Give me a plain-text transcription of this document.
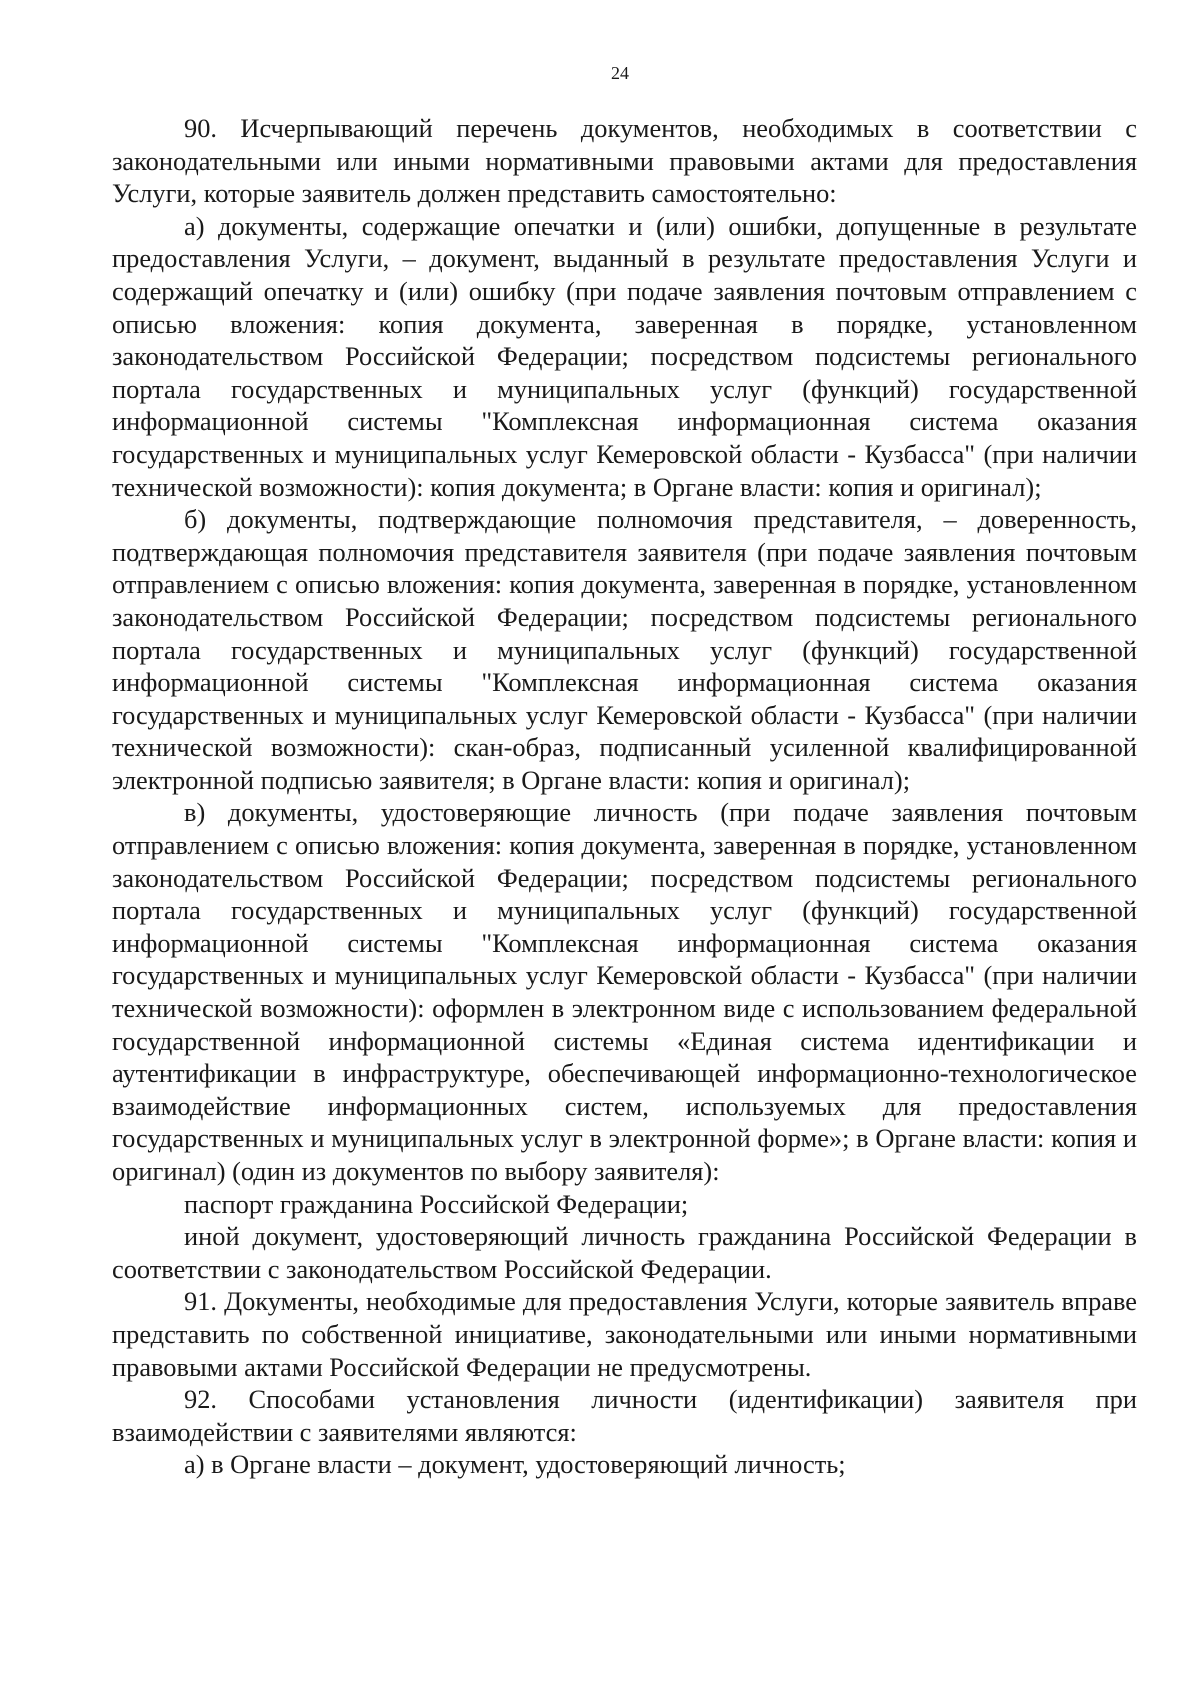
24

90. Исчерпывающий перечень документов, необходимых в соответствии с законодательными или иными нормативными правовыми актами для предоставления Услуги, которые заявитель должен представить самостоятельно:

а) документы, содержащие опечатки и (или) ошибки, допущенные в результате предоставления Услуги, – документ, выданный в результате предоставления Услуги и содержащий опечатку и (или) ошибку (при подаче заявления почтовым отправлением с описью вложения: копия документа, заверенная в порядке, установленном законодательством Российской Федерации; посредством подсистемы регионального портала государственных и муниципальных услуг (функций) государственной информационной системы "Комплексная информационная система оказания государственных и муниципальных услуг Кемеровской области - Кузбасса" (при наличии технической возможности): копия документа; в Органе власти: копия и оригинал);

б) документы, подтверждающие полномочия представителя, – доверенность, подтверждающая полномочия представителя заявителя (при подаче заявления почтовым отправлением с описью вложения: копия документа, заверенная в порядке, установленном законодательством Российской Федерации; посредством подсистемы регионального портала государственных и муниципальных услуг (функций) государственной информационной системы "Комплексная информационная система оказания государственных и муниципальных услуг Кемеровской области - Кузбасса" (при наличии технической возможности): скан-образ, подписанный усиленной квалифицированной электронной подписью заявителя; в Органе власти: копия и оригинал);

в) документы, удостоверяющие личность (при подаче заявления почтовым отправлением с описью вложения: копия документа, заверенная в порядке, установленном законодательством Российской Федерации; посредством подсистемы регионального портала государственных и муниципальных услуг (функций) государственной информационной системы "Комплексная информационная система оказания государственных и муниципальных услуг Кемеровской области - Кузбасса" (при наличии технической возможности): оформлен в электронном виде с использованием федеральной государственной информационной системы «Единая система идентификации и аутентификации в инфраструктуре, обеспечивающей информационно-технологическое взаимодействие информационных систем, используемых для предоставления государственных и муниципальных услуг в электронной форме»; в Органе власти: копия и оригинал) (один из документов по выбору заявителя):

паспорт гражданина Российской Федерации;

иной документ, удостоверяющий личность гражданина Российской Федерации в соответствии с законодательством Российской Федерации.

91. Документы, необходимые для предоставления Услуги, которые заявитель вправе представить по собственной инициативе, законодательными или иными нормативными правовыми актами Российской Федерации не предусмотрены.

92. Способами установления личности (идентификации) заявителя при взаимодействии с заявителями являются:

а) в Органе власти – документ, удостоверяющий личность;
